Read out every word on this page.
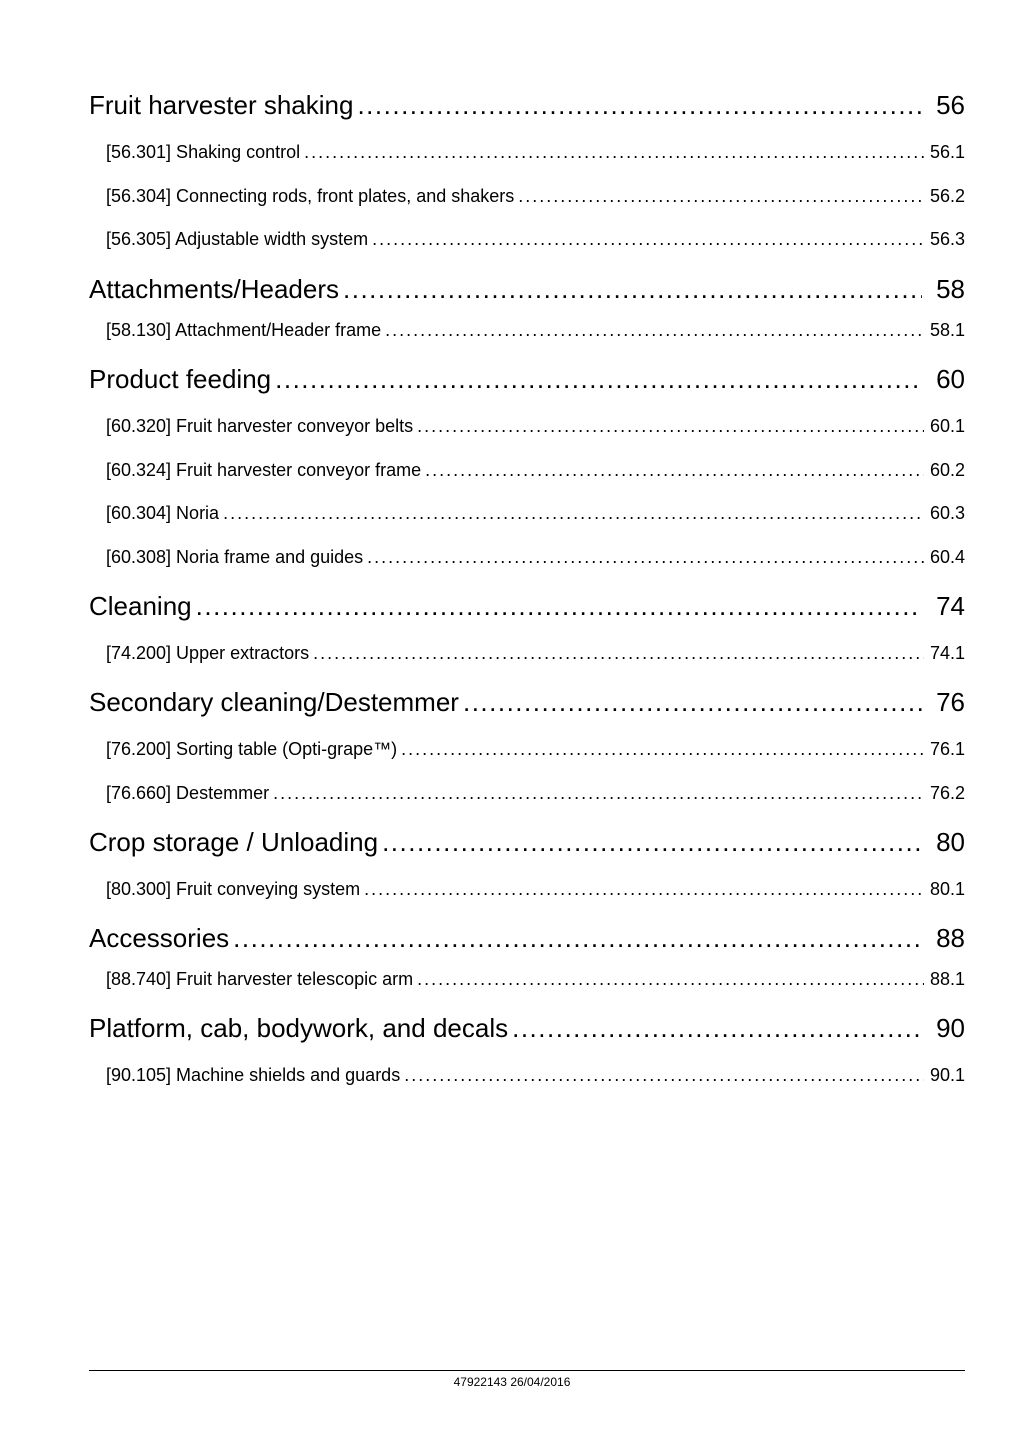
Fruit harvester shaking .....	56
[56.301] Shaking control .....	56.1
[56.304] Connecting rods, front plates, and shakers .....	56.2
[56.305] Adjustable width system .....	56.3
Attachments/Headers .....	58
[58.130] Attachment/Header frame .....	58.1
Product feeding .....	60
[60.320] Fruit harvester conveyor belts .....	60.1
[60.324] Fruit harvester conveyor frame .....	60.2
[60.304] Noria .....	60.3
[60.308] Noria frame and guides .....	60.4
Cleaning .....	74
[74.200] Upper extractors .....	74.1
Secondary cleaning/Destemmer .....	76
[76.200] Sorting table (Opti-grape™) .....	76.1
[76.660] Destemmer .....	76.2
Crop storage / Unloading .....	80
[80.300] Fruit conveying system .....	80.1
Accessories .....	88
[88.740] Fruit harvester telescopic arm .....	88.1
Platform, cab, bodywork, and decals .....	90
[90.105] Machine shields and guards .....	90.1
47922143 26/04/2016
